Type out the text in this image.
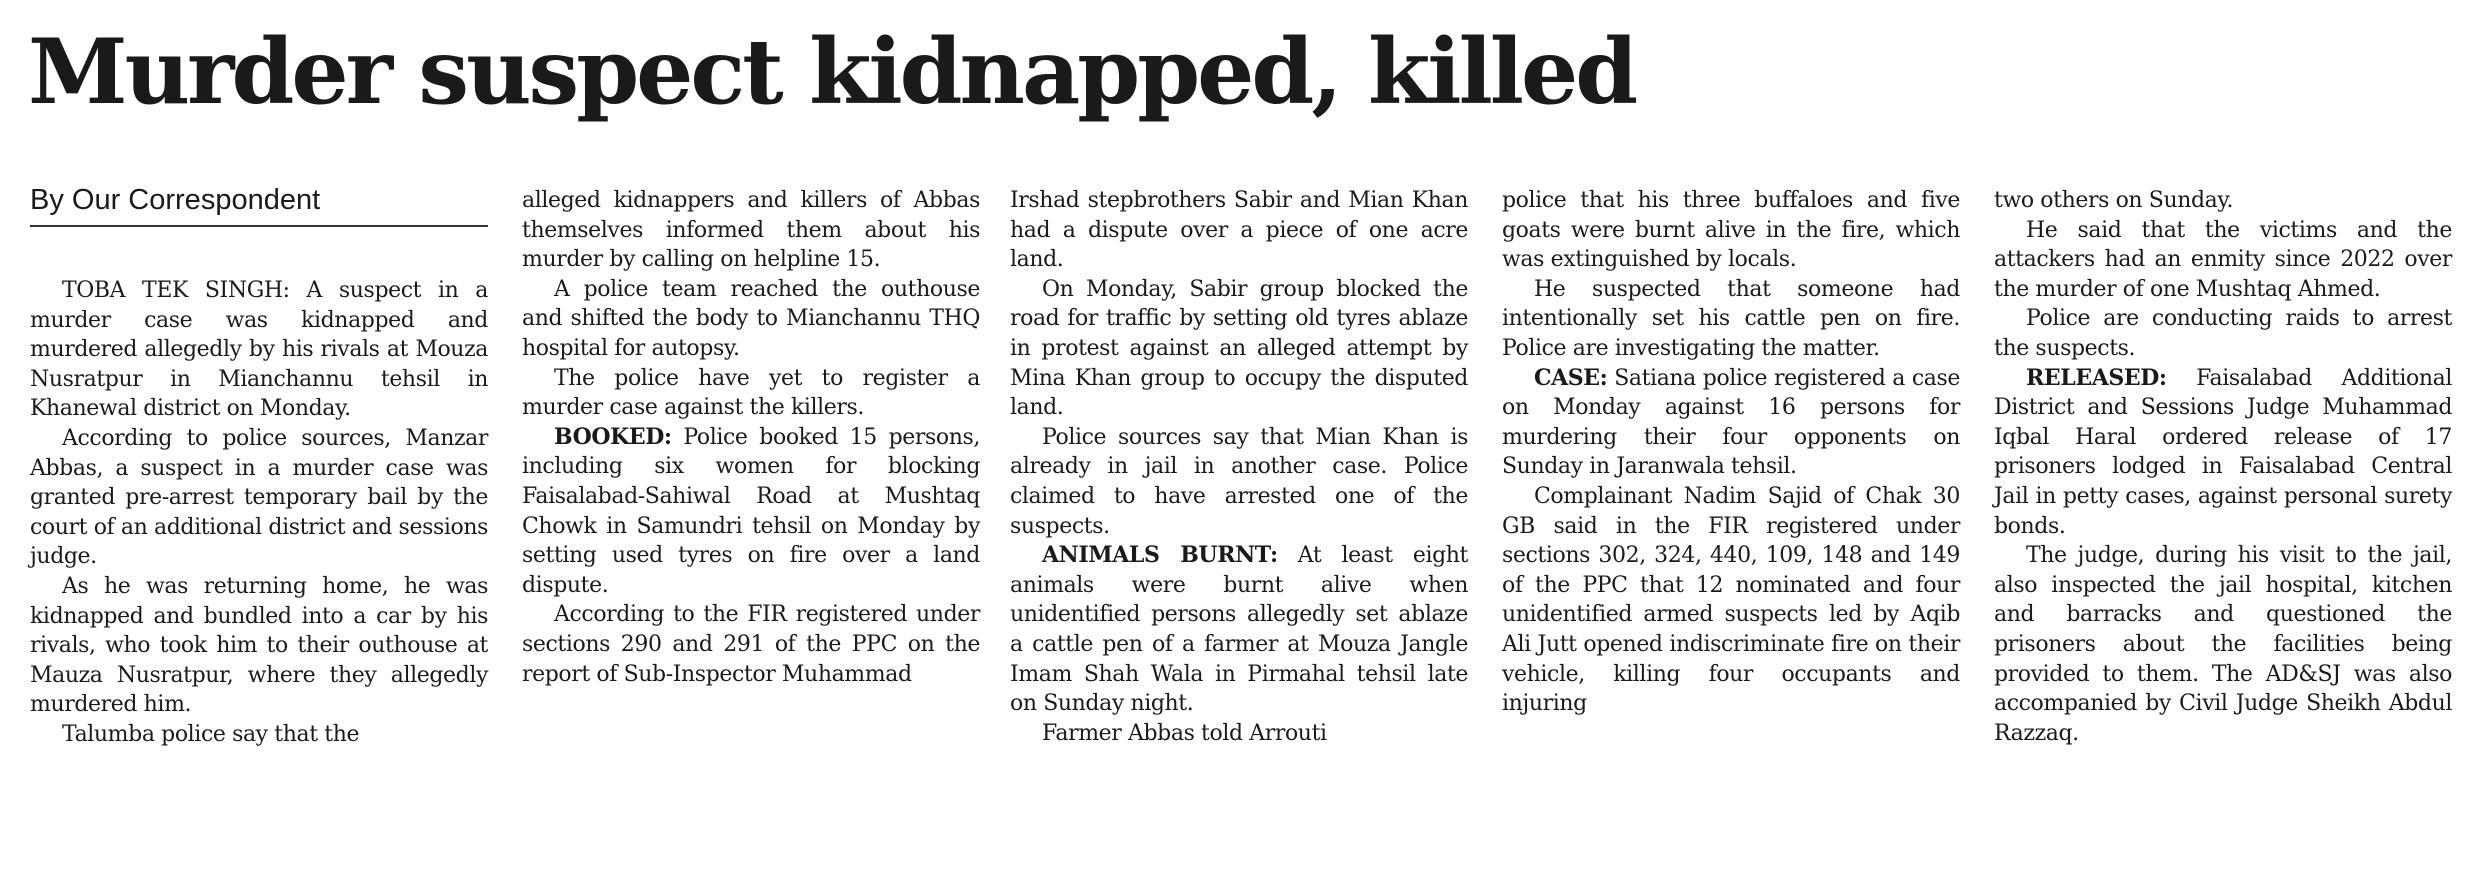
Murder suspect kidnapped, killed
By Our Correspondent

TOBA TEK SINGH: A suspect in a murder case was kidnapped and murdered allegedly by his rivals at Mouza Nusratpur in Mianchannu tehsil in Khanewal district on Monday.

According to police sources, Manzar Abbas, a suspect in a murder case was granted pre-arrest temporary bail by the court of an additional district and sessions judge.

As he was returning home, he was kidnapped and bundled into a car by his rivals, who took him to their outhouse at Mauza Nusratpur, where they allegedly murdered him.

Talumba police say that the

alleged kidnappers and killers of Abbas themselves informed them about his murder by calling on helpline 15.

A police team reached the outhouse and shifted the body to Mianchannu THQ hospital for autopsy.

The police have yet to register a murder case against the killers.

BOOKED: Police booked 15 persons, including six women for blocking Faisalabad-Sahiwal Road at Mushtaq Chowk in Samundri tehsil on Monday by setting used tyres on fire over a land dispute.

According to the FIR registered under sections 290 and 291 of the PPC on the report of Sub-Inspector Muhammad

Irshad stepbrothers Sabir and Mian Khan had a dispute over a piece of one acre land.

On Monday, Sabir group blocked the road for traffic by setting old tyres ablaze in protest against an alleged attempt by Mina Khan group to occupy the disputed land.

Police sources say that Mian Khan is already in jail in another case. Police claimed to have arrested one of the suspects.

ANIMALS BURNT: At least eight animals were burnt alive when unidentified persons allegedly set ablaze a cattle pen of a farmer at Mouza Jangle Imam Shah Wala in Pirmahal tehsil late on Sunday night.

Farmer Abbas told Arrouti

police that his three buffaloes and five goats were burnt alive in the fire, which was extinguished by locals.

He suspected that someone had intentionally set his cattle pen on fire. Police are investigating the matter.

CASE: Satiana police registered a case on Monday against 16 persons for murdering their four opponents on Sunday in Jaranwala tehsil.

Complainant Nadim Sajid of Chak 30 GB said in the FIR registered under sections 302, 324, 440, 109, 148 and 149 of the PPC that 12 nominated and four unidentified armed suspects led by Aqib Ali Jutt opened indiscriminate fire on their vehicle, killing four occupants and injuring

two others on Sunday.

He said that the victims and the attackers had an enmity since 2022 over the murder of one Mushtaq Ahmed.

Police are conducting raids to arrest the suspects.

RELEASED: Faisalabad Additional District and Sessions Judge Muhammad Iqbal Haral ordered release of 17 prisoners lodged in Faisalabad Central Jail in petty cases, against personal surety bonds.

The judge, during his visit to the jail, also inspected the jail hospital, kitchen and barracks and questioned the prisoners about the facilities being provided to them. The AD&SJ was also accompanied by Civil Judge Sheikh Abdul Razzaq.
